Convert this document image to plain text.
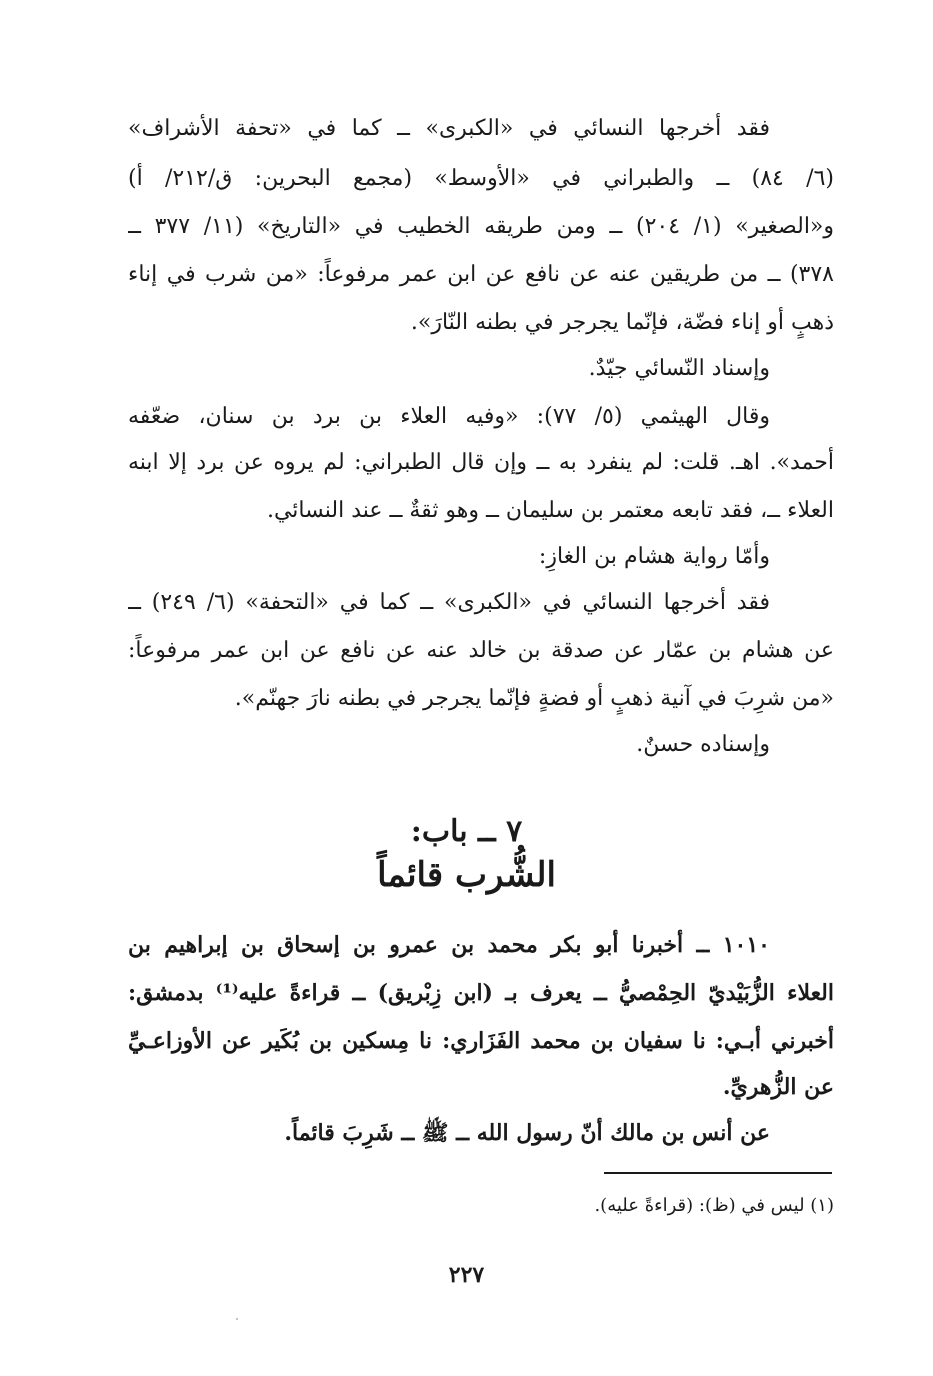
فقد أخرجها النسائي في «الكبرى» ــ كما في «تحفة الأشراف»
(٦/ ٨٤) ــ والطبراني في «الأوسط» (مجمع البحرين: ق/٢١٢/ أ)
و«الصغير» (١/ ٢٠٤) ــ ومن طريقه الخطيب في «التاريخ» (١١/ ٣٧٧ ــ
٣٧٨) ــ من طريقين عنه عن نافع عن ابن عمر مرفوعاً: «من شرب في إناء
ذهبٍ أو إناء فضّة، فإنّما يجرجر في بطنه النّارَ».
وإسناد النّسائي جيّدٌ.
وقال الهيثمي (٥/ ٧٧): «وفيه العلاء بن برد بن سنان، ضعّفه
أحمد». اهـ. قلت: لم ينفرد به ــ وإن قال الطبراني: لم يروه عن برد إلا ابنه
العلاء ــ، فقد تابعه معتمر بن سليمان ــ وهو ثقةٌ ــ عند النسائي.
وأمّا رواية هشام بن الغازِ:
فقد أخرجها النسائي في «الكبرى» ــ كما في «التحفة» (٦/ ٢٤٩) ــ
عن هشام بن عمّار عن صدقة بن خالد عنه عن نافع عن ابن عمر مرفوعاً:
«من شرِبَ في آنية ذهبٍ أو فضةٍ فإنّما يجرجر في بطنه نارَ جهنّم».
وإسناده حسنٌ.
٧ ــ باب:
الشُّرب قائماً
١٠١٠ ــ أخبرنا أبو بكر محمد بن عمرو بن إسحاق بن إبراهيم بن
العلاء الزُّبَيْديّ الحِمْصيُّ ــ يعرف بـ (ابن زِبْريق) ــ قراءةً عليه⁽¹⁾ بدمشق:
أخبرني أبـي: نا سفيان بن محمد الفَزَاري: نا مِسكين بن بُكَير عن الأوزاعـيِّ
عن الزُّهريِّ.
عن أنس بن مالك أنّ رسول الله ــ ﷺ ــ شَرِبَ قائماً.
(١) ليس في (ظ): (قراءةً عليه).
٢٢٧
